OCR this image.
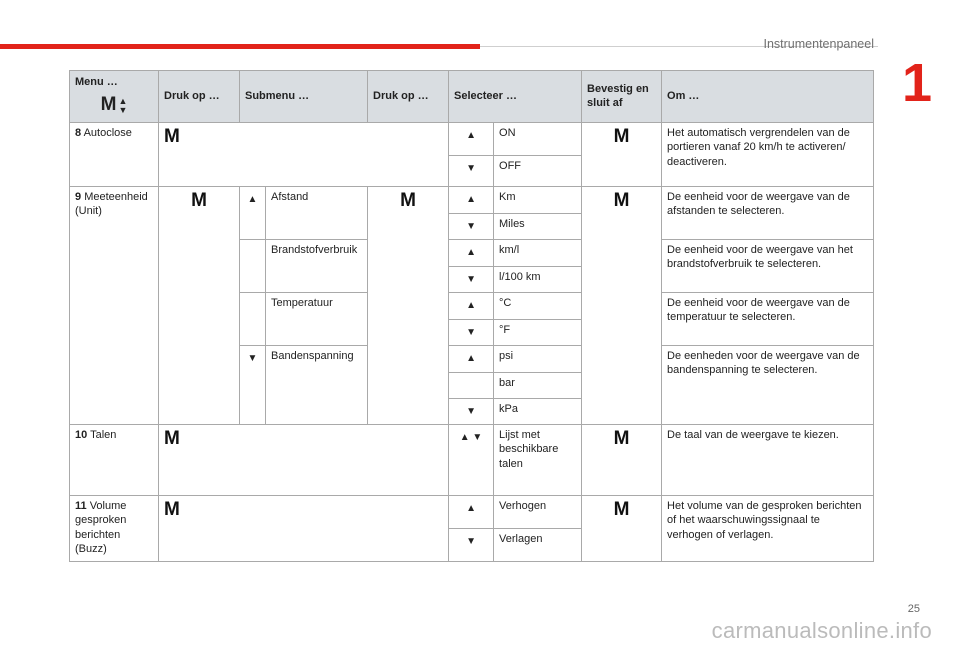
Instrumentenpaneel
1
Menu …
M ▲
▼	Druk op …	Submenu …		Druk op …	Selecteer …		Bevestig en sluit af	Om …
8 Autoclose	M				▲	ON	M	Het automatisch vergrendelen van de portieren vanaf 20 km/h te activeren/ deactiveren.
					▼	OFF		
9 Meeteenheid (Unit)	M	▲	Afstand	M	▲	Km	M	De eenheid voor de weergave van de afstanden te selecteren.
					▼	Miles		
			Brandstofverbruik		▲	km/l		De eenheid voor de weergave van het brandstofverbruik te selecteren.
					▼	l/100 km		
			Temperatuur		▲	°C		De eenheid voor de weergave van de temperatuur te selecteren.
					▼	°F		
		▼	Bandenspanning		▲	psi		De eenheden voor de weergave van de bandenspanning te selecteren.
						bar		
					▼	kPa		
10 Talen	M				▲ ▼	Lijst met beschikbare talen	M	De taal van de weergave te kiezen.
11 Volume gesproken berichten (Buzz)	M				▲	Verhogen	M	Het volume van de gesproken berichten of het waarschuwingssignaal te verhogen of verlagen.
					▼	Verlagen		
25
carmanualsonline.info
